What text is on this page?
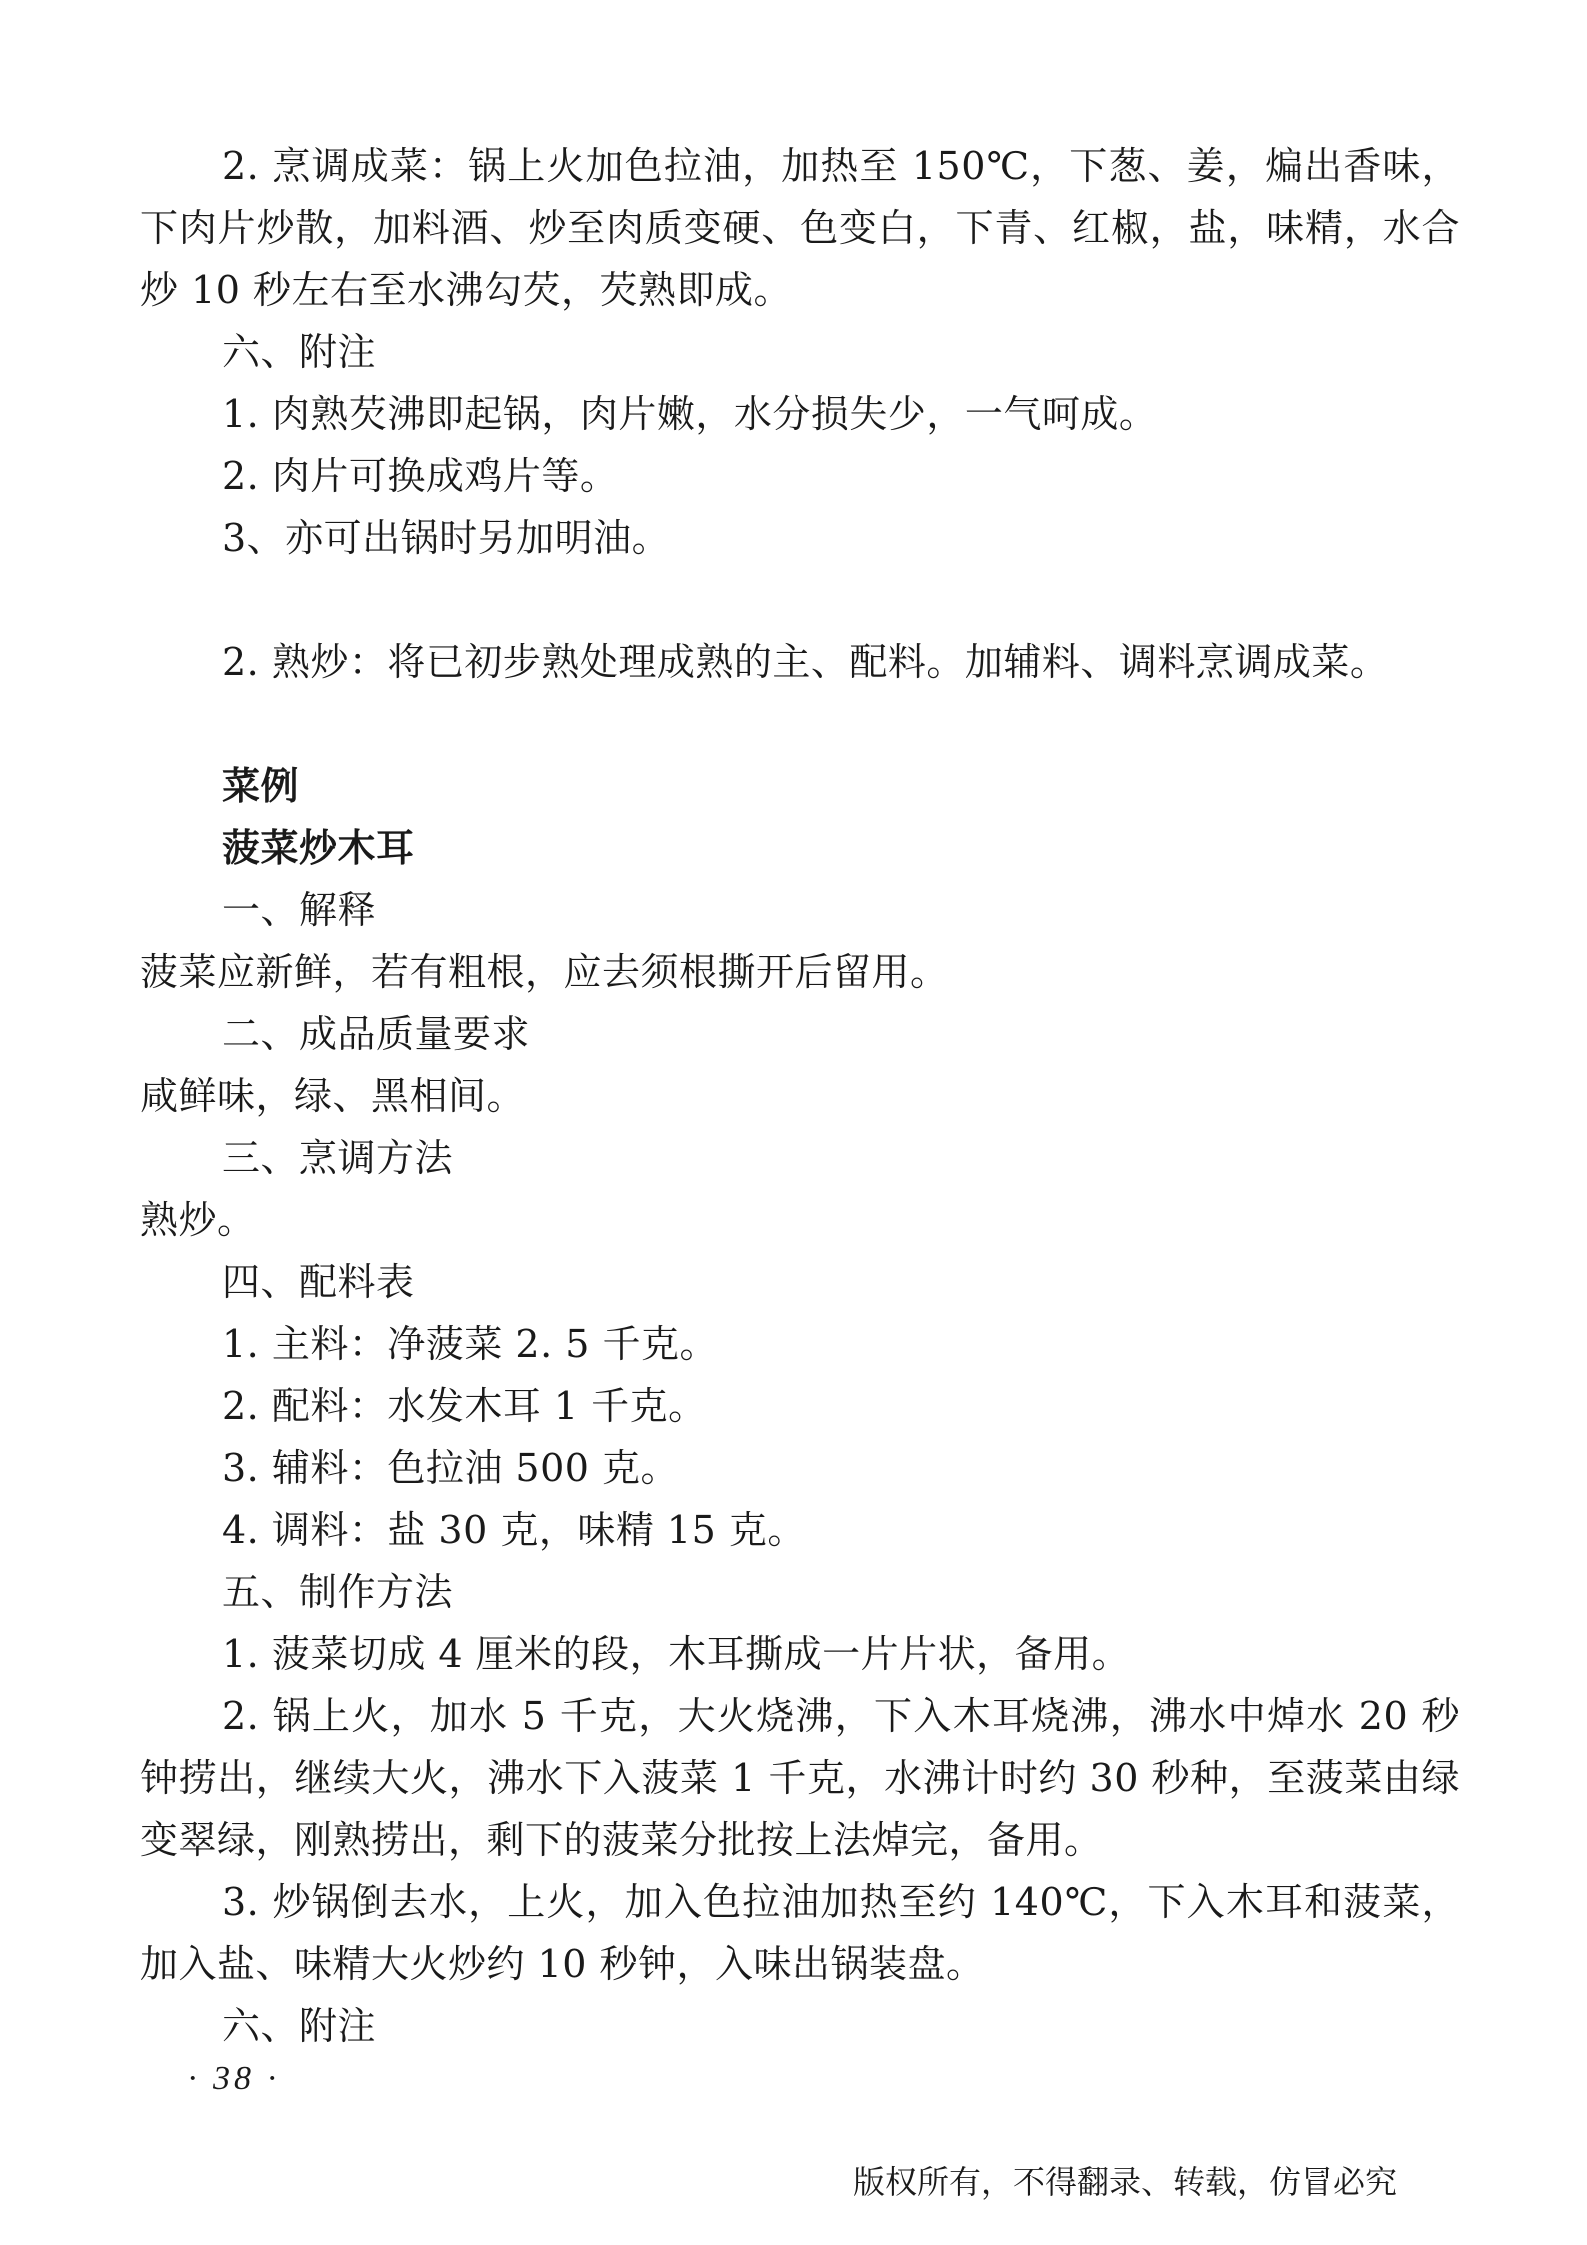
2. 烹调成菜：锅上火加色拉油，加热至 150℃，下葱、姜，煸出香味，下肉片炒散，加料酒、炒至肉质变硬、色变白，下青、红椒，盐，味精，水合炒 10 秒左右至水沸勾芡，芡熟即成。

六、附注

1. 肉熟芡沸即起锅，肉片嫩，水分损失少，一气呵成。

2. 肉片可换成鸡片等。

3、亦可出锅时另加明油。

2. 熟炒：将已初步熟处理成熟的主、配料。加辅料、调料烹调成菜。

菜例

菠菜炒木耳

一、解释

菠菜应新鲜，若有粗根，应去须根撕开后留用。

二、成品质量要求

咸鲜味，绿、黑相间。

三、烹调方法

熟炒。

四、配料表

1. 主料：净菠菜 2. 5 千克。

2. 配料：水发木耳 1 千克。

3. 辅料：色拉油 500 克。

4. 调料：盐 30 克，味精 15 克。

五、制作方法

1. 菠菜切成 4 厘米的段，木耳撕成一片片状，备用。

2. 锅上火，加水 5 千克，大火烧沸，下入木耳烧沸，沸水中焯水 20 秒钟捞出，继续大火，沸水下入菠菜 1 千克，水沸计时约 30 秒种，至菠菜由绿变翠绿，刚熟捞出，剩下的菠菜分批按上法焯完，备用。

3. 炒锅倒去水，上火，加入色拉油加热至约 140℃，下入木耳和菠菜，加入盐、味精大火炒约 10 秒钟，入味出锅装盘。

六、附注

· 38 ·
版权所有，不得翻录、转载，仿冒必究
